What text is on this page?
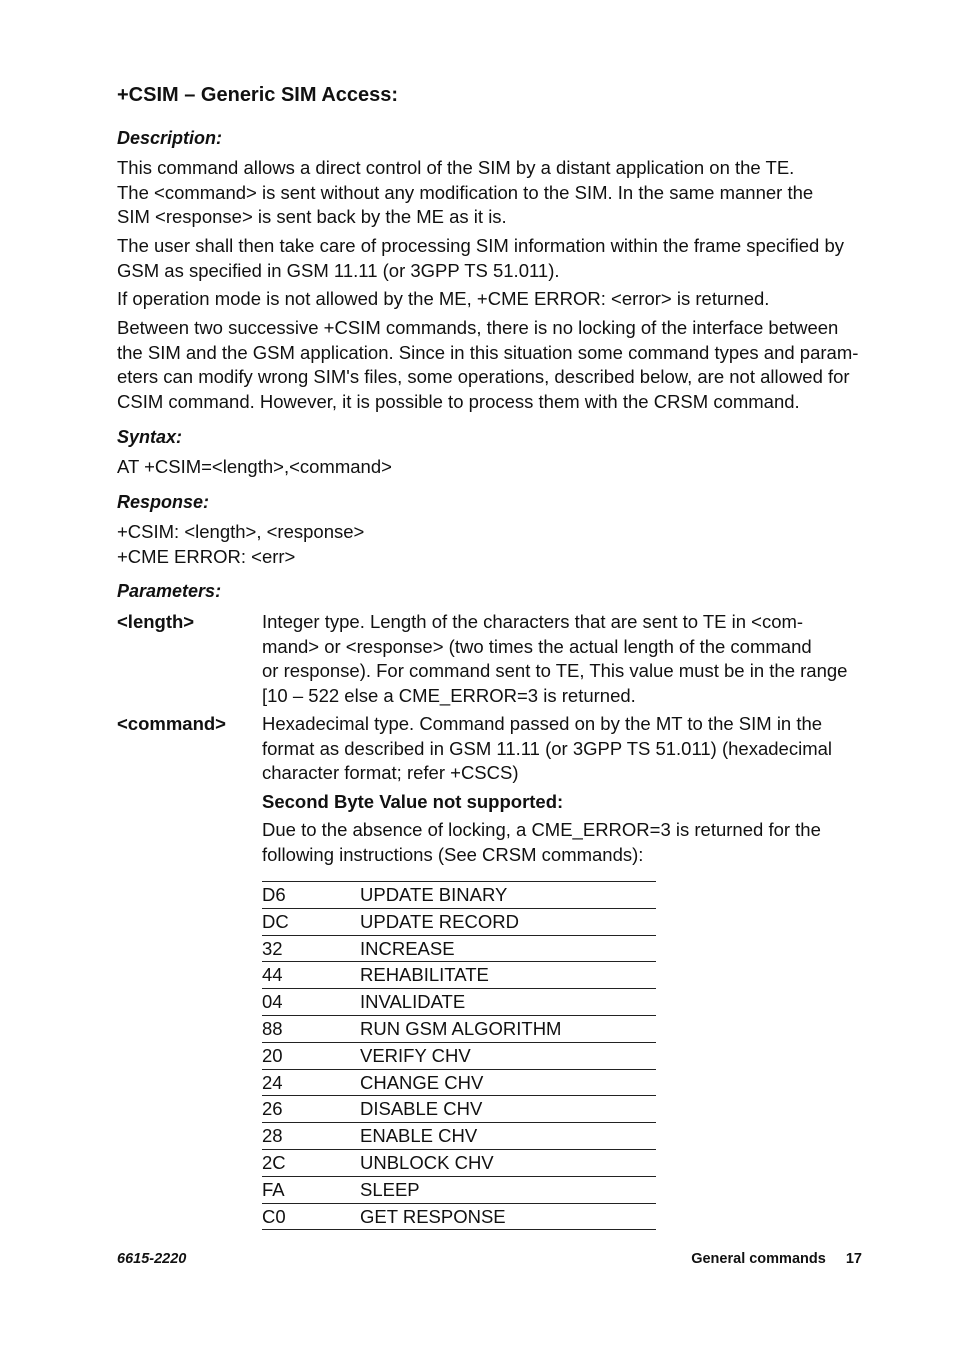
+CSIM – Generic SIM Access:
Description:

This command allows a direct control of the SIM by a distant application on the TE.

The <command> is sent without any modification to the SIM. In the same manner the

SIM <response> is sent back by the ME as it is.

The user shall then take care of processing SIM information within the frame specified by

GSM as specified in GSM 11.11 (or 3GPP TS 51.011).

If operation mode is not allowed by the ME, +CME ERROR: <error> is returned.

Between two successive +CSIM commands, there is no locking of the interface between

the SIM and the GSM application. Since in this situation some command types and param-

eters can modify wrong SIM's files, some operations, described below, are not allowed for

CSIM command. However, it is possible to process them with the CRSM command.

Syntax:

AT +CSIM=<length>,<command>

Response:

+CSIM: <length>, <response>

+CME ERROR: <err>

Parameters:
<length>	Integer type. Length of the characters that are sent to TE in <com-
mand> or <response> (two times the actual length of the command
or response). For command sent to TE, This value must be in the range
[10 – 522 else a CME_ERROR=3 is returned.
<command> Hexadecimal type. Command passed on by the MT to the SIM in the
format as described in GSM 11.11 (or 3GPP TS 51.011) (hexadecimal
character format; refer +CSCS)
Second Byte Value not supported:
Due to the absence of locking, a CME_ERROR=3 is returned for the
following instructions (See CRSM commands):
D6	UPDATE BINARY
DC	UPDATE RECORD
32	INCREASE
44	REHABILITATE
04	INVALIDATE
88	RUN GSM ALGORITHM
20	VERIFY CHV
24	CHANGE CHV
26	DISABLE CHV
28	ENABLE CHV
2C	UNBLOCK CHV
FA	SLEEP
C0	GET RESPONSE
6615-2220	General commands 17
